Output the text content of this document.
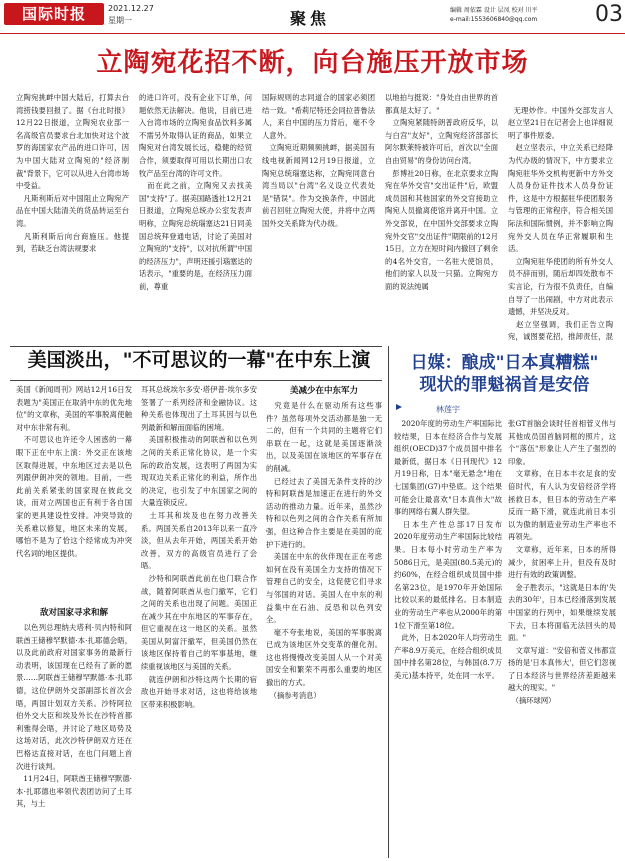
国际时报	2021.12.27
星期一	聚焦	编辑 周依霖 设计 层凤 校对 川平
e-mail:1553606840@qq.com	03
立陶宛花招不断，向台施压开放市场
立陶宛挑衅中国大陆后，打算去台湾捞钱要回报了。据《台北时报》12月22日报道，立陶宛农业部一名高级官员要求台北加快对这个波罗的海国家农产品的进口许可，因为中国大陆对立陶宛的"经济制裁"背景下，它可以从进入台湾市场中受益。
　凡斯利斯后对中国阻止立陶宛产品在中国大陆清关的货品转运至台湾。
　凡斯利斯后向台商施压。他提到，若缺乏台湾法规要求
的进口许可，没有企业下订单，问题依然无法解决。他说，目前已进入台湾市场的立陶宛食品饮料多属不需另外取得认证的商品，如果立陶宛对台湾发展长远，稳健的经贸合作，须要取得可用以长期出口农牧产品至台湾的许可文件。
　而在此之前，立陶宛又去找美国"支持"了。据美国路透社12月21日报道，立陶宛总统办公室发表声明称，立陶宛总统瑙塞达21日同美国总统拜登通电话，讨论了美国对立陶宛的"支持"，以对抗所谓"中国的经济压力"，声明还援引瑙塞达的话表示，"重要的是，在经济压力面前，尊重
国际规则的志同道合的国家必须团结一致。"希莉尼特还会同拉普鲁法人，来自中国的压力背后，毫不令人意外。
　立陶宛近期频频挑衅，据美国有线电视新闻网12月19日报道，立陶宛总统瑙塞达称，立陶宛同意台湾当局以"台湾"名义设立代表处是"错误"。作为交换条件，中国此前召回驻立陶宛大使，并将中立两国外交关系降为代办级。
以地拍与挺说："身处自由世界的首都真是太好了。"
　立陶宛紧随特朗普政府反华，以与白宫"友好"，立陶宛经济部部长阿尔默莱特被许可后，首次以"全面自由贸易"的身份访问台湾。
　彭博社20日称，在北京要求立陶宛在华外交官"交出证件"后，欧盟成员国和其他国家的外交官接助立陶宛人员撤离使馆并离开中国。立外交部说，在中国外交部要求立陶宛外交官"交出证件"期限前的12月15日，立方在短时间内撤回了剩余的4名外交官，一名驻大使馆员，他们的家人以及一只猫。立陶宛方面的说法纯属

无理炒作。中国外交部发言人赵立坚21日在记者会上也详细说明了事件原委。
　赵立坚表示，中立关系已经降为代办级的情况下，中方要求立陶宛驻华外交机构更新中方外交人员身份证件技术人员身份证件，这是中方根据驻华使团服务与管理的正常程序，符合相关国际法和国际惯例，并不影响立陶宛外交人员在华正常履职和生活。
　立陶宛驻华使团的所有外交人员不辞而别，随后却四处散布不实言论，行为很不负责任，自编自导了一出闹剧，中方对此表示遗憾，并坚决反对。
　赵立坚强调，我们正告立陶宛，诚图要花招，推卸责任，混

美国淡出，"不可思议的一幕"在中东上演
美国《新闻周刊》网站12月16日发表题为"美国正在取消中东的优先地位"的文章称，美国的军事脱离使触对中东非常有利。
　不可思议也许还令人困惑的一幕眼下正在中东上演：外交正在该地区取得进展，中东地区过去是以色列跟伊朗冲突的领地。目前，一些此前关系紧张的国家现在彼此交谈，而对立两国也正有利于各自国家的更具建设性安排。冲突导致的关系难以修复，地区未来的发展，哪怕不是为了恰这个经常成为冲突代名词的地区提供。
敌对国家寻求和解
　以色列总理纳夫塔利·贝内特和阿联酋王储穆罕默德·本·扎耶德会晤，以及此前政府对国家事务的最新行动表明，该国现在已经有了新的愿景……阿联酋王储穆罕默德·本·扎耶德，这位伊朗外交部副部长首次会晤，两国计划双方关系。沙特阿拉伯外交大臣和埃及外长在沙特首都利雅得会晤，并讨论了地区局势及这场对话，此次沙特伊朗双方还在巴格达直接对话，在也门问题上首次进行谈判。
　11月24日，阿联酋王储穆罕默德·本·扎耶德也率领代表团访问了土耳其，与土
耳其总统埃尔多安·塔伊普·埃尔多安签署了一系列经济和金融协议。这种关系也体现出了土耳其因与以色列最新和解而面临的困境。
　美国积极推动的阿联酋和以色列之间的关系正常化协议，是一个实际的政治发展，这表明了两国为实现双边关系正常化的利益，所作出的决定，也引发了中东国家之间的大量连锁反应。
　土耳其和埃及也在努力改善关系。两国关系自2013年以来一直冷淡，但从去年开始，两国关系开始改善，双方的高级官员进行了会晤。
　沙特和阿联酋此前在也门联合作战，随着阿联酋从也门撤军，它们之间的关系也出现了问题。美国正在减少其在中东地区的军事存在，但它重视在这一地区的关系。虽然美国从阿富汗撤军，但美国仍然在该地区保持着自己的军事基地，继续重视该地区与美国的关系。
　就连伊朗和沙特这两个长期的宿敌也开始寻求对话，这也将给该地区带来积极影响。
美减少在中东军力
　究竟是什么在驱动所有这些事件？虽然每项外交活动都是独一无二的，但有一个共同的主题将它们串联在一起，这就是美国逐渐淡出，以及美国在该地区的军事存在的削减。
　已经过去了美国无条件支持的沙特和阿联酋是加速正在进行的外交活动的推动力量。近年来，虽然沙特和以色列之间的合作关系有所加强，但这种合作主要是在美国的庇护下进行的。
　美国在中东的伙伴现在正在考虑如何在没有美国全力支持的情况下管理自己的安全，这促使它们寻求与邻国的对话。美国人在中东的利益集中在石油、反恐和以色列安全。
　毫不夸张地说，美国的军事脱离已成为该地区外交变革的催化剂。这也将慢慢改变美国人从一个对美国安全和繁荣不再那么重要的地区撤出的方式。
　（摘参考消息）
日媒：酿成"日本真糟糕"
现状的罪魁祸首是安倍
林莲宇
　2020年度的劳动生产率国际比较结果，日本在经济合作与发展组织(OECD)37个成员国中排名最新低，据日本《日刊现代》12月19日称，日本"毫无悬念"地在七国集团(G7)中垫底。这个结果可能会让最喜欢"日本真伟大"故事的网络右翼人群失望。
　日本生产性总部17日发布2020年度劳动生产率国际比较结果。日本每小时劳动生产率为5086日元，是美国(80.5美元)的约60%，在经合组织成员国中排名第23位，是1970年开始国际比较以来的最低排名。日本制造业的劳动生产率也从2000年的第1位下滑至第18位。
　此外，日本2020年人均劳动生产率8.9万美元，在经合组织成员国中排名第28位，与韩国(8.7万美元)基本持平，处在同一水平。
张GT首脑会谈时任首相菅义伟与其他成员国首脑同框的照片，这个"落伍"形象让人产生了强烈的印象。
　文章称，在日本丰衣足食的安倍时代，有人认为安倍经济学将拯救日本，但日本的劳动生产率反而一路下滑，就连此前日本引以为傲的制造业劳动生产率也不再领先。
　文章称，近年来，日本的所得减少，贫困率上升，但没有及时进行有效的政策调整。
　金子胜表示，"这就是日本的'失去的30年'，日本已经滑落到发展中国家的行列中，如果继续发展下去，日本将面临无法回头的局面。"
　文章写道："安倍和菅义伟都宣扬的是'日本真伟大'，但它们忽视了日本经济与世界经济差距越来越大的现实。"
　（摘环球网）
